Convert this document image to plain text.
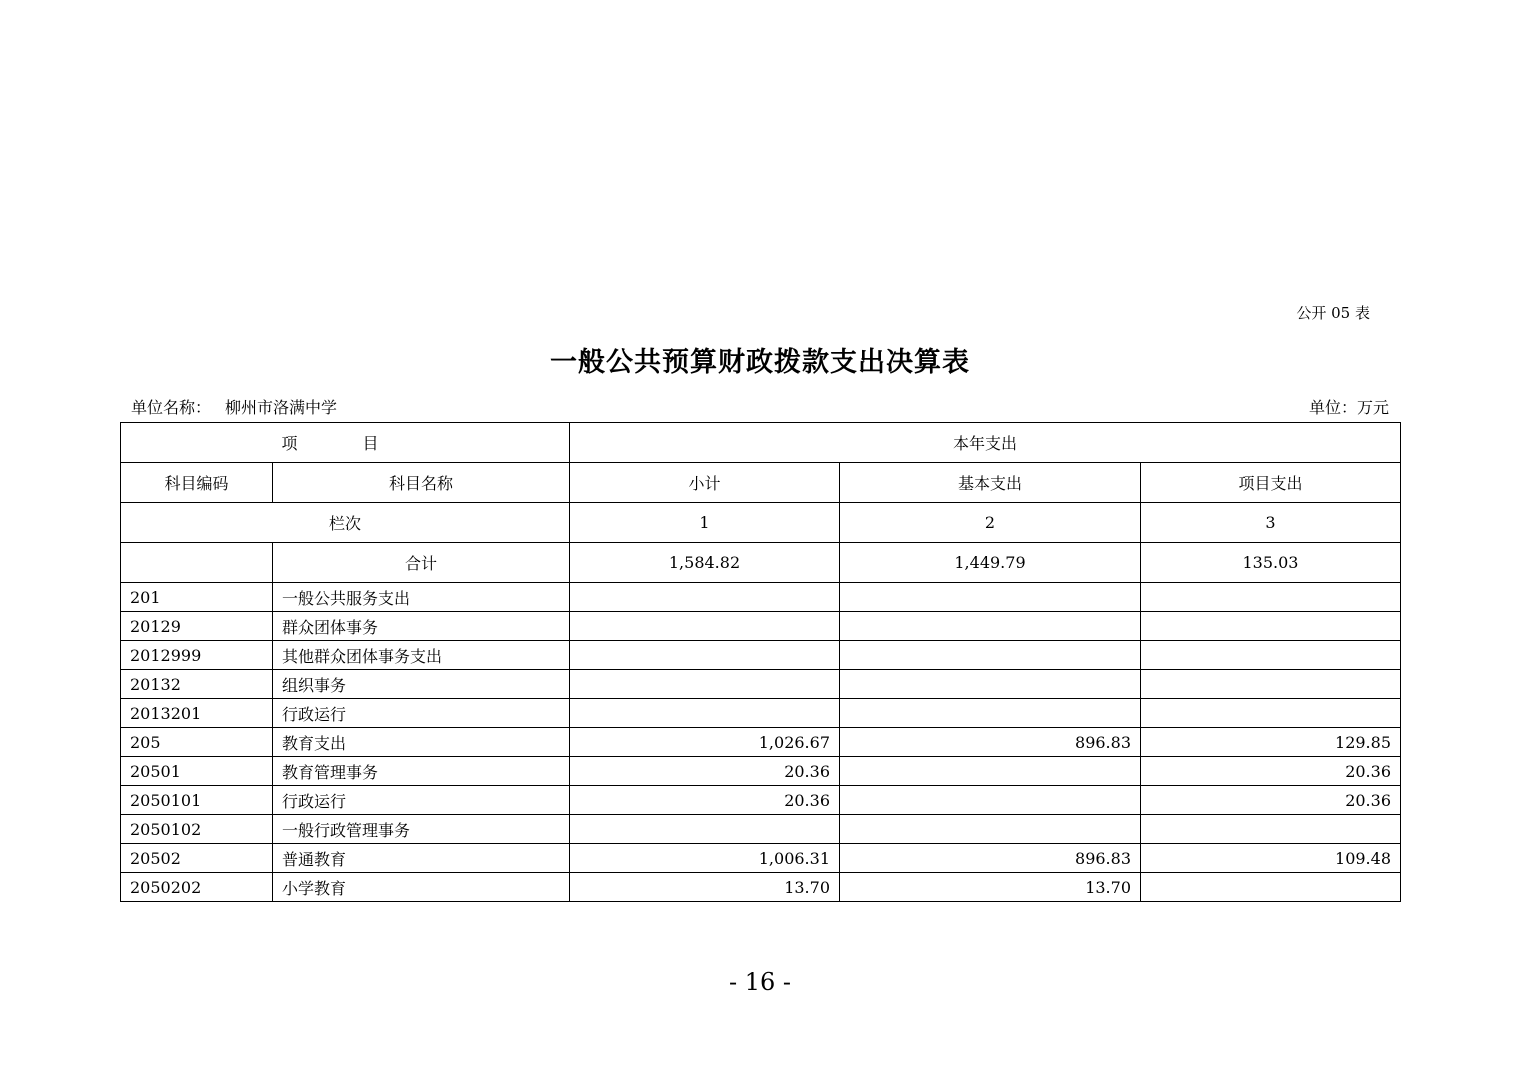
公开 05 表
一般公共预算财政拨款支出决算表
单位名称： 柳州市洛满中学	单位：万元
项 目		本年支出		
科目编码	科目名称	小计	基本支出	项目支出
栏次		1	2	3
	合计	1,584.82	1,449.79	135.03
201	一般公共服务支出			
20129	群众团体事务			
2012999	其他群众团体事务支出			
20132	组织事务			
2013201	行政运行			
205	教育支出	1,026.67	896.83	129.85
20501	教育管理事务	20.36		20.36
2050101	行政运行	20.36		20.36
2050102	一般行政管理事务			
20502	普通教育	1,006.31	896.83	109.48
2050202	小学教育	13.70	13.70	
- 16 -
